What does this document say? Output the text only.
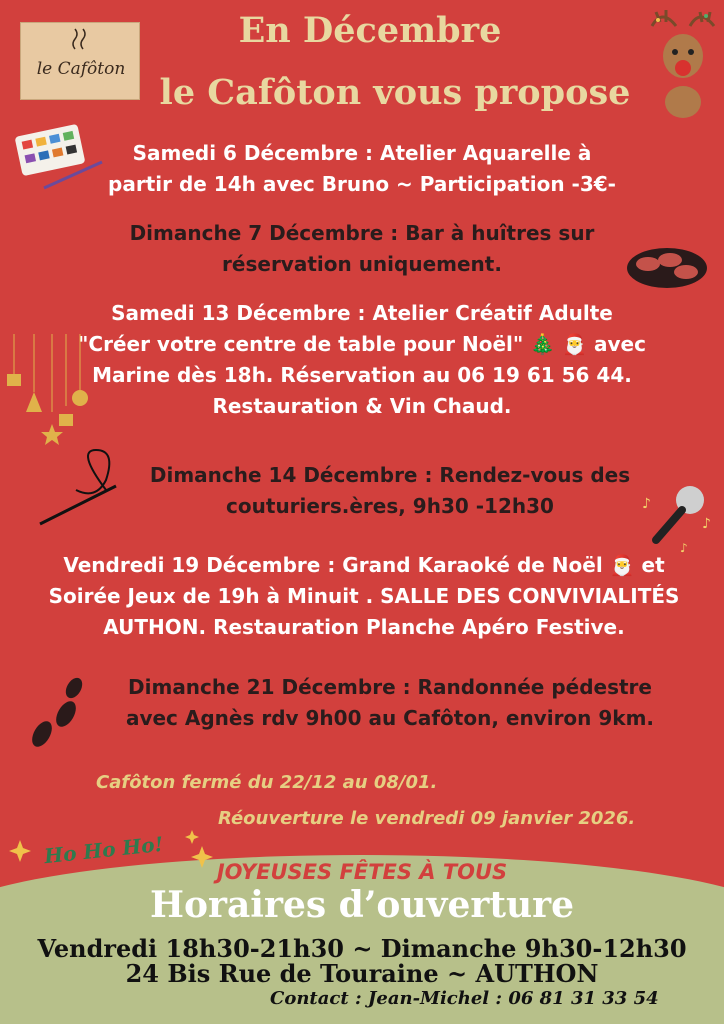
le Cafôton
En Décembre
le Cafôton vous propose
Samedi 6 Décembre : Atelier Aquarelle à
partir de 14h avec Bruno ~ Participation -3€-
Dimanche 7 Décembre : Bar à huîtres sur
réservation uniquement.
Samedi 13 Décembre : Atelier Créatif Adulte
"Créer votre centre de table pour Noël" 🎄 🎅 avec
Marine dès 18h. Réservation au 06 19 61 56 44.
Restauration & Vin Chaud.
Dimanche 14 Décembre : Rendez-vous des
couturiers.ères, 9h30 -12h30	♪
♪
♪
Vendredi 19 Décembre : Grand Karaoké de Noël 🎅 et
Soirée Jeux de 19h à Minuit . SALLE DES CONVIVIALITÉS
AUTHON. Restauration Planche Apéro Festive.
Dimanche 21 Décembre : Randonnée pédestre
avec Agnès rdv 9h00 au Cafôton, environ 9km.
Cafôton fermé du 22/12 au 08/01.
Réouverture le vendredi 09 janvier 2026.
Ho Ho Ho!
JOYEUSES FÊTES À TOUS
Horaires d’ouverture
Vendredi 18h30-21h30 ~ Dimanche 9h30-12h30
24 Bis Rue de Touraine ~ AUTHON
Contact : Jean-Michel : 06 81 31 33 54
